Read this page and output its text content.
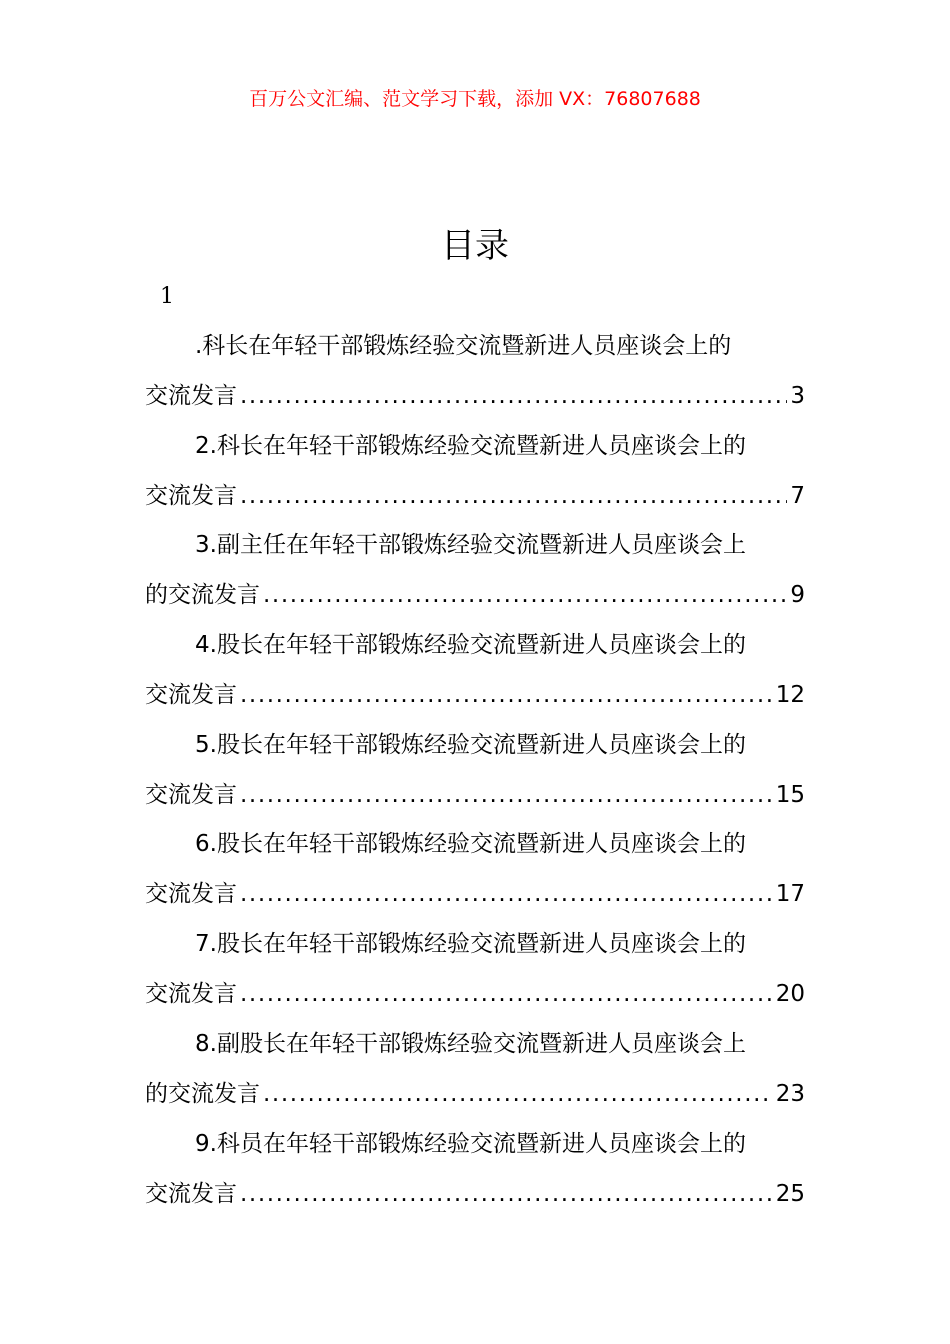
百万公文汇编、范文学习下载，添加 VX：76807688
目录
1
.科长在年轻干部锻炼经验交流暨新进人员座谈会上的
交流发言 .....	3
2.科长在年轻干部锻炼经验交流暨新进人员座谈会上的
交流发言 .....	7
3.副主任在年轻干部锻炼经验交流暨新进人员座谈会上
的交流发言 .....	9
4.股长在年轻干部锻炼经验交流暨新进人员座谈会上的
交流发言 .....	12
5.股长在年轻干部锻炼经验交流暨新进人员座谈会上的
交流发言 .....	15
6.股长在年轻干部锻炼经验交流暨新进人员座谈会上的
交流发言 .....	17
7.股长在年轻干部锻炼经验交流暨新进人员座谈会上的
交流发言 .....	20
8.副股长在年轻干部锻炼经验交流暨新进人员座谈会上
的交流发言 .....	23
9.科员在年轻干部锻炼经验交流暨新进人员座谈会上的
交流发言 .....	25
